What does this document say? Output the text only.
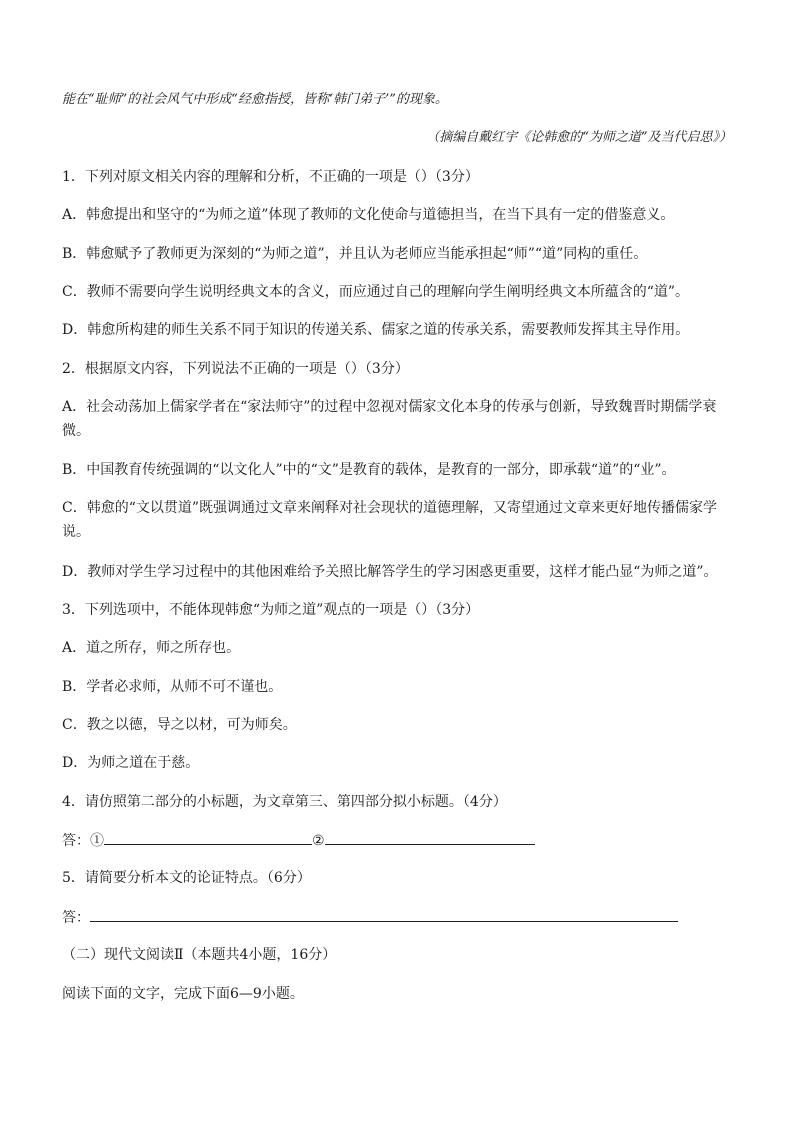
能在“耻师”的社会风气中形成“经愈指授，皆称‘韩门弟子’”的现象。
（摘编自戴红宇《论韩愈的“为师之道”及当代启思》）
1．下列对原文相关内容的理解和分析，不正确的一项是（）（3分）
A．韩愈提出和坚守的“为师之道”体现了教师的文化使命与道德担当，在当下具有一定的借鉴意义。
B．韩愈赋予了教师更为深刻的“为师之道”，并且认为老师应当能承担起“师”“道”同构的重任。
C．教师不需要向学生说明经典文本的含义，而应通过自己的理解向学生阐明经典文本所蕴含的“道”。
D．韩愈所构建的师生关系不同于知识的传递关系、儒家之道的传承关系，需要教师发挥其主导作用。
2．根据原文内容，下列说法不正确的一项是（）（3分）
A．社会动荡加上儒家学者在“家法师守”的过程中忽视对儒家文化本身的传承与创新，导致魏晋时期儒学衰微。
B．中国教育传统强调的“以文化人”中的“文”是教育的载体，是教育的一部分，即承载“道”的“业”。
C．韩愈的“文以贯道”既强调通过文章来阐释对社会现状的道德理解，又寄望通过文章来更好地传播儒家学说。
D．教师对学生学习过程中的其他困难给予关照比解答学生的学习困惑更重要，这样才能凸显“为师之道”。
3．下列选项中，不能体现韩愈“为师之道”观点的一项是（）（3分）
A．道之所存，师之所存也。
B．学者必求师，从师不可不谨也。
C．教之以德，导之以材，可为师矣。
D．为师之道在于慈。
4．请仿照第二部分的小标题，为文章第三、第四部分拟小标题。（4分）
答：①	②
5．请简要分析本文的论证特点。（6分）
答：
（二）现代文阅读Ⅱ（本题共4小题，16分）
阅读下面的文字，完成下面6—9小题。
